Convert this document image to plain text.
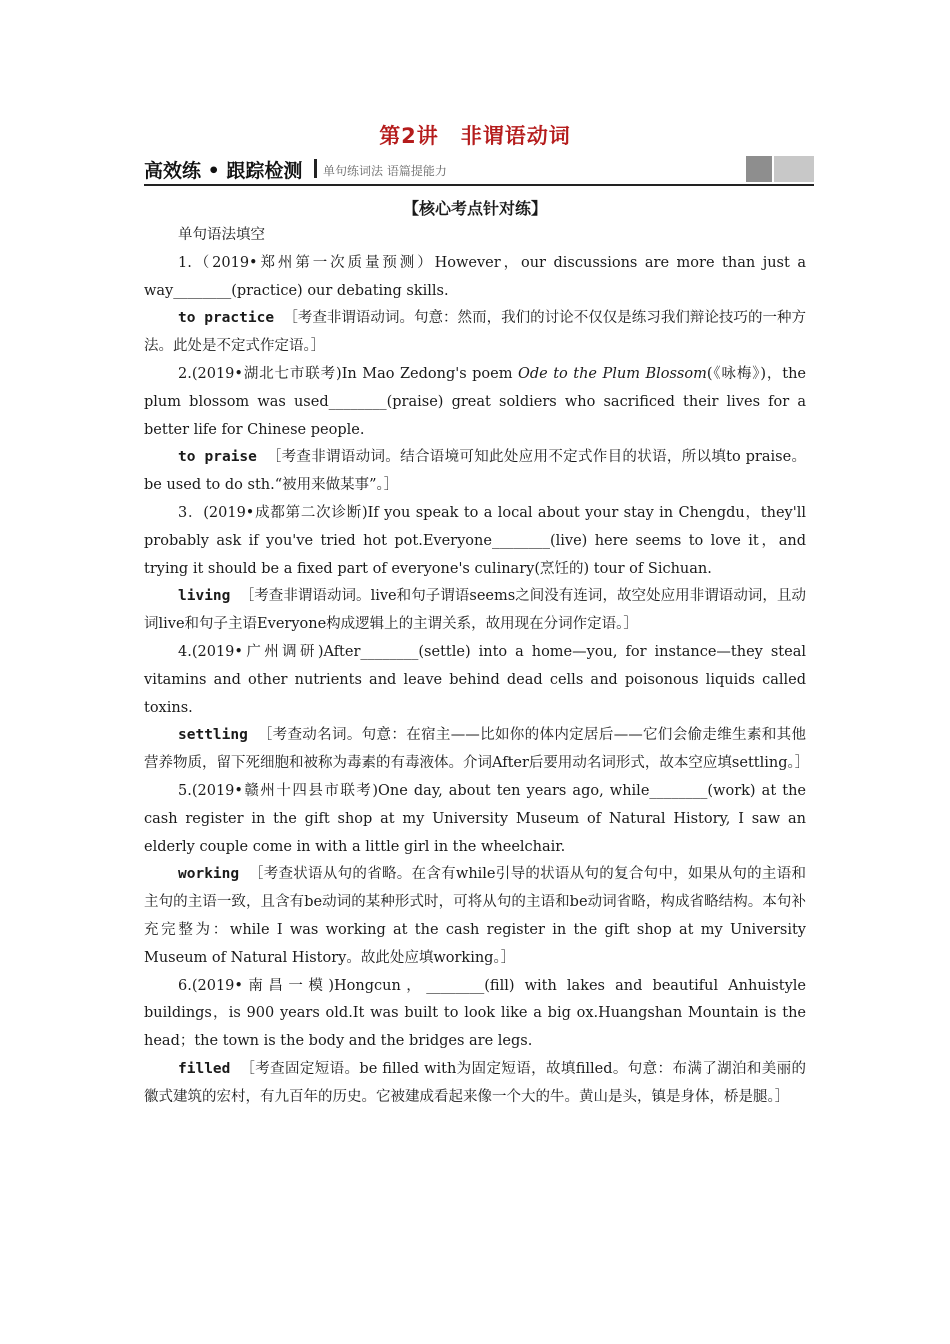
第2讲　非谓语动词
高效练 • 跟踪检测 单句练词法 语篇提能力
【核心考点针对练】

单句语法填空

1.（2019•郑州第一次质量预测）However，our discussions are more than just a way________(practice) our debating skills.

to practice ［考查非谓语动词。句意：然而，我们的讨论不仅仅是练习我们辩论技巧的一种方法。此处是不定式作定语。］

2.(2019•湖北七市联考)In Mao Zedong's poem Ode to the Plum Blossom(《咏梅》)，the plum blossom was used________(praise) great soldiers who sacrificed their lives for a better life for Chinese people.

to praise ［考查非谓语动词。结合语境可知此处应用不定式作目的状语，所以填to praise。be used to do sth.“被用来做某事”。］

3．(2019•成都第二次诊断)If you speak to a local about your stay in Chengdu，they'll probably ask if you've tried hot pot.Everyone________(live) here seems to love it，and trying it should be a fixed part of everyone's culinary(烹饪的) tour of Sichuan.

living ［考查非谓语动词。live和句子谓语seems之间没有连词，故空处应用非谓语动词，且动词live和句子主语Everyone构成逻辑上的主谓关系，故用现在分词作定语。］

4.(2019•广州调研)After________(settle) into a home—you, for instance—they steal vitamins and other nutrients and leave behind dead cells and poisonous liquids called toxins.

settling ［考查动名词。句意：在宿主——比如你的体内定居后——它们会偷走维生素和其他营养物质，留下死细胞和被称为毒素的有毒液体。介词After后要用动名词形式，故本空应填settling。］

5.(2019•赣州十四县市联考)One day, about ten years ago, while________(work) at the cash register in the gift shop at my University Museum of Natural History, I saw an elderly couple come in with a little girl in the wheelchair.

working ［考查状语从句的省略。在含有while引导的状语从句的复合句中，如果从句的主语和主句的主语一致，且含有be动词的某种形式时，可将从句的主语和be动词省略，构成省略结构。本句补充完整为：while I was working at the cash register in the gift shop at my University Museum of Natural History。故此处应填working。］

6.(2019•南昌一模)Hongcun，________(fill) with lakes and beautiful Anhuistyle buildings，is 900 years old.It was built to look like a big ox.Huangshan Mountain is the head；the town is the body and the bridges are legs.

filled ［考查固定短语。be filled with为固定短语，故填filled。句意：布满了湖泊和美丽的徽式建筑的宏村，有九百年的历史。它被建成看起来像一个大的牛。黄山是头，镇是身体，桥是腿。］
